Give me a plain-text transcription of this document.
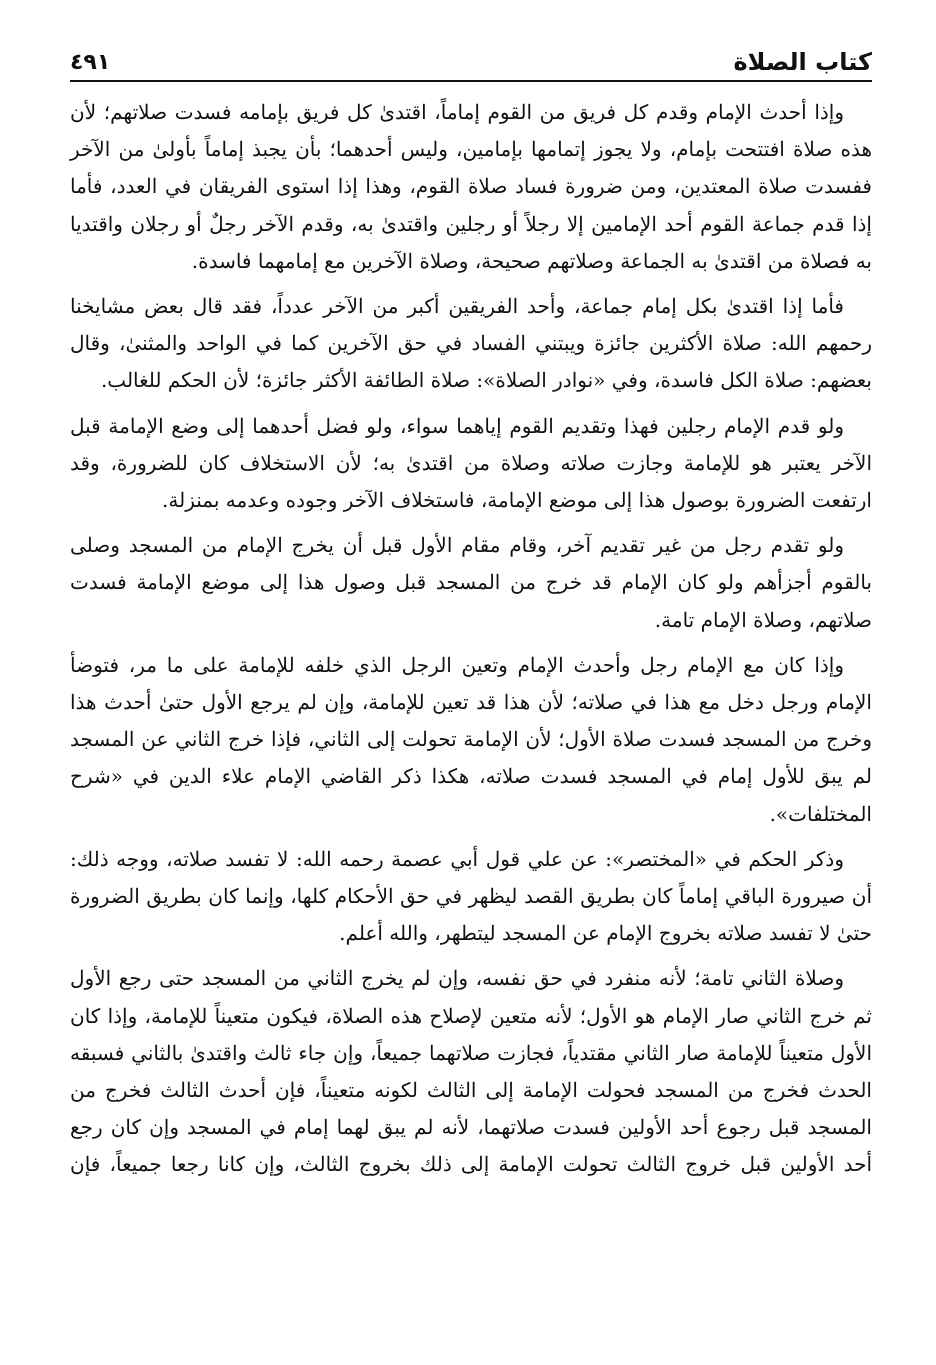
كتاب الصلاة
٤٩١

وإذا أحدث الإمام وقدم كل فريق من القوم إماماً، اقتدىٰ كل فريق بإمامه فسدت صلاتهم؛ لأن هذه صلاة افتتحت بإمام، ولا يجوز إتمامها بإمامين، وليس أحدهما؛ بأن يجبذ إماماً بأولىٰ من الآخر ففسدت صلاة المعتدين، ومن ضرورة فساد صلاة القوم، وهذا إذا استوى الفريقان في العدد، فأما إذا قدم جماعة القوم أحد الإمامين إلا رجلاً أو رجلين واقتدىٰ به، وقدم الآخر رجلٌ أو رجلان واقتديا به فصلاة من اقتدىٰ به الجماعة وصلاتهم صحيحة، وصلاة الآخرين مع إمامهما فاسدة.

فأما إذا اقتدىٰ بكل إمام جماعة، وأحد الفريقين أكبر من الآخر عدداً، فقد قال بعض مشايخنا رحمهم الله: صلاة الأكثرين جائزة ويبتني الفساد في حق الآخرين كما في الواحد والمثنىٰ، وقال بعضهم: صلاة الكل فاسدة، وفي «نوادر الصلاة»: صلاة الطائفة الأكثر جائزة؛ لأن الحكم للغالب.

ولو قدم الإمام رجلين فهذا وتقديم القوم إياهما سواء، ولو فضل أحدهما إلى وضع الإمامة قبل الآخر يعتبر هو للإمامة وجازت صلاته وصلاة من اقتدىٰ به؛ لأن الاستخلاف كان للضرورة، وقد ارتفعت الضرورة بوصول هذا إلى موضع الإمامة، فاستخلاف الآخر وجوده وعدمه بمنزلة.

ولو تقدم رجل من غير تقديم آخر، وقام مقام الأول قبل أن يخرج الإمام من المسجد وصلى بالقوم أجزأهم ولو كان الإمام قد خرج من المسجد قبل وصول هذا إلى موضع الإمامة فسدت صلاتهم، وصلاة الإمام تامة.

وإذا كان مع الإمام رجل وأحدث الإمام وتعين الرجل الذي خلفه للإمامة على ما مر، فتوضأ الإمام ورجل دخل مع هذا في صلاته؛ لأن هذا قد تعين للإمامة، وإن لم يرجع الأول حتىٰ أحدث هذا وخرج من المسجد فسدت صلاة الأول؛ لأن الإمامة تحولت إلى الثاني، فإذا خرج الثاني عن المسجد لم يبق للأول إمام في المسجد فسدت صلاته، هكذا ذكر القاضي الإمام علاء الدين في «شرح المختلفات».

وذكر الحكم في «المختصر»: عن علي قول أبي عصمة رحمه الله: لا تفسد صلاته، ووجه ذلك: أن صيرورة الباقي إماماً كان بطريق القصد ليظهر في حق الأحكام كلها، وإنما كان بطريق الضرورة حتىٰ لا تفسد صلاته بخروج الإمام عن المسجد ليتطهر، والله أعلم.

وصلاة الثاني تامة؛ لأنه منفرد في حق نفسه، وإن لم يخرج الثاني من المسجد حتى رجع الأول ثم خرج الثاني صار الإمام هو الأول؛ لأنه متعين لإصلاح هذه الصلاة، فيكون متعيناً للإمامة، وإذا كان الأول متعيناً للإمامة صار الثاني مقتدياً، فجازت صلاتهما جميعاً، وإن جاء ثالث واقتدىٰ بالثاني فسبقه الحدث فخرج من المسجد فحولت الإمامة إلى الثالث لكونه متعيناً، فإن أحدث الثالث فخرج من المسجد قبل رجوع أحد الأولين فسدت صلاتهما، لأنه لم يبق لهما إمام في المسجد وإن كان رجع أحد الأولين قبل خروج الثالث تحولت الإمامة إلى ذلك بخروج الثالث، وإن كانا رجعا جميعاً، فإن
